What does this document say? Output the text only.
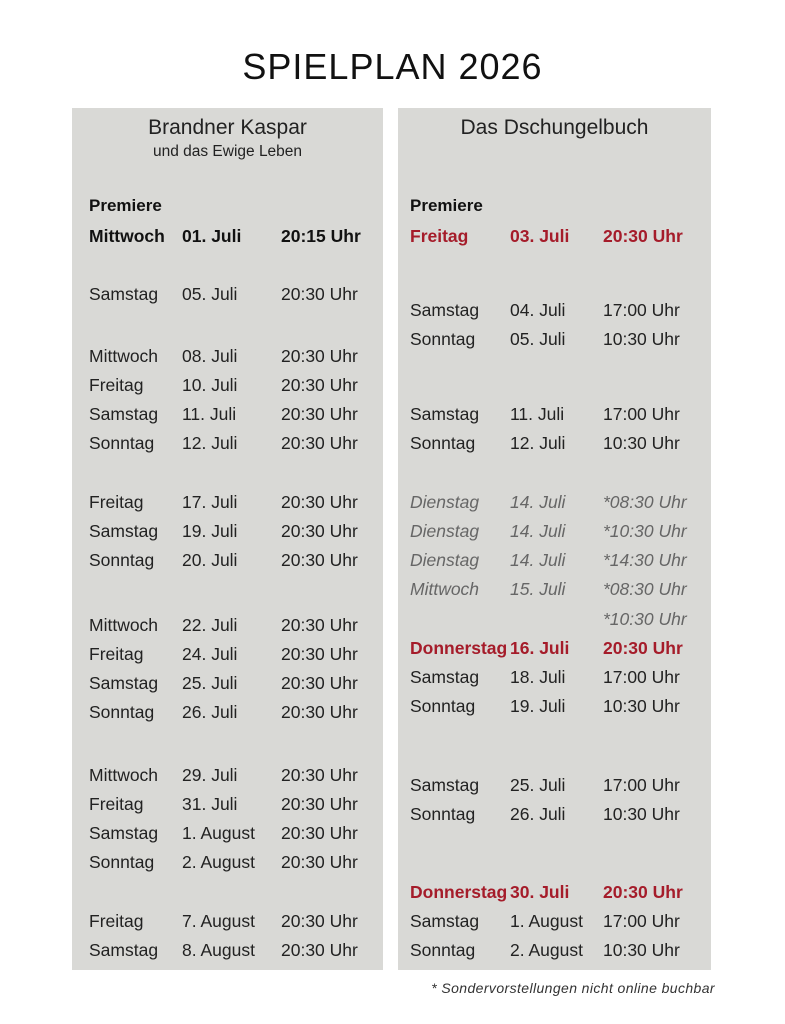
SPIELPLAN 2026
Brandner Kaspar
und das Ewige Leben
Premiere
Mittwoch 01. Juli 20:15 Uhr
Samstag 05. Juli 20:30 Uhr
Mittwoch 08. Juli 20:30 Uhr
Freitag 10. Juli 20:30 Uhr
Samstag 11. Juli	20:30 Uhr
Sonntag 12. Juli 20:30 Uhr
Freitag 17. Juli 20:30 Uhr
Samstag 19. Juli 20:30 Uhr
Sonntag 20. Juli 20:30 Uhr
Mittwoch 22. Juli 20:30 Uhr
Freitag 24. Juli 20:30 Uhr
Samstag 25. Juli 20:30 Uhr
Sonntag 26. Juli 20:30 Uhr
Mittwoch 29. Juli 20:30 Uhr
Freitag 31. Juli 20:30 Uhr
Samstag 1. August 20:30 Uhr
Sonntag 2. August 20:30 Uhr
Freitag 7. August 20:30 Uhr
Samstag 8. August 20:30 Uhr
Das Dschungelbuch
Premiere
Freitag 03. Juli 20:30 Uhr
Samstag 04. Juli 17:00 Uhr
Sonntag 05. Juli 10:30 Uhr
Samstag 11. Juli 17:00 Uhr
Sonntag 12. Juli 10:30 Uhr
Dienstag 14. Juli *08:30 Uhr
Dienstag 14. Juli *10:30 Uhr
Dienstag 14. Juli *14:30 Uhr
Mittwoch 15. Juli *08:30 Uhr
*10:30 Uhr
Donnerstag 16. Juli 20:30 Uhr
Samstag 18. Juli 17:00 Uhr
Sonntag 19. Juli 10:30 Uhr
Samstag 25. Juli 17:00 Uhr
Sonntag 26. Juli 10:30 Uhr
Donnerstag 30. Juli 20:30 Uhr
Samstag 1. August 17:00 Uhr
Sonntag 2. August 10:30 Uhr
* Sondervorstellungen nicht online buchbar
